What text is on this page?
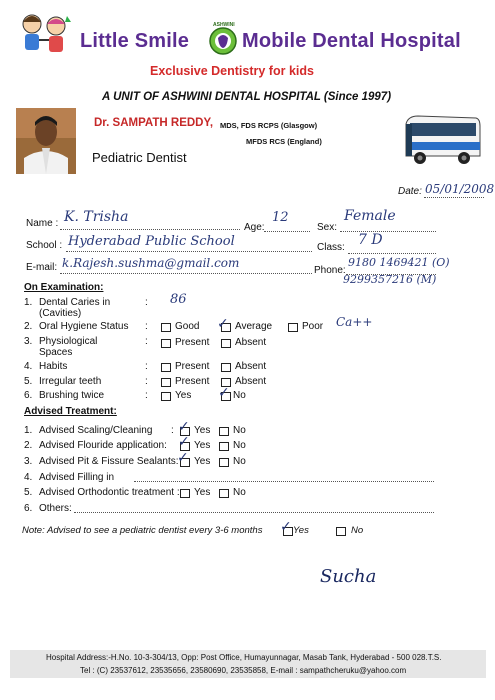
Little Smile
ASHWINI
Mobile Dental Hospital
Exclusive Dentistry for kids
A UNIT OF ASHWINI DENTAL HOSPITAL (Since 1997)
Dr. SAMPATH REDDY, MDS, FDS RCPS (Glasgow)
MFDS RCS (England)
Pediatric Dentist
Date: 05/01/2008
Name : K. Trisha
Age:
12
Sex:
Female
School : Hyderabad Public School	Class: 7 D
E-mail: k.Rajesh.sushma@gmail.com
Phone:
9180 1469421 (O)
9299357216 (M)
On Examination:
1. Dental Caries in
(Cavities)
: 86
2. Oral Hygiene Status :	Good ✓ Average	Poor Ca++
3. Physiological
Spaces
:	Present	Absent
4. Habits	:	Present	Absent
5. Irregular teeth	:	Present	Absent
6. Brushing twice	:	Yes ✓ No
Advised Treatment:
1. Advised Scaling/Cleaning : ✓ Yes No
2. Advised Flouride application: ✓ Yes No
3. Advised Pit & Fissure Sealants:
✓ Yes No
4. Advised Filling in
5. Advised Orthodontic treatment : Yes No
6. Others:
Note: Advised to see a pediatric dentist every 3-6 months ✓ Yes	No
Sucha
Hospital Address:-H.No. 10-3-304/13, Opp: Post Office, Humayunnagar, Masab Tank, Hyderabad - 500 028.T.S.
Tel : (C) 23537612, 23535656, 23580690, 23535858, E-mail : sampathcheruku@yahoo.com
